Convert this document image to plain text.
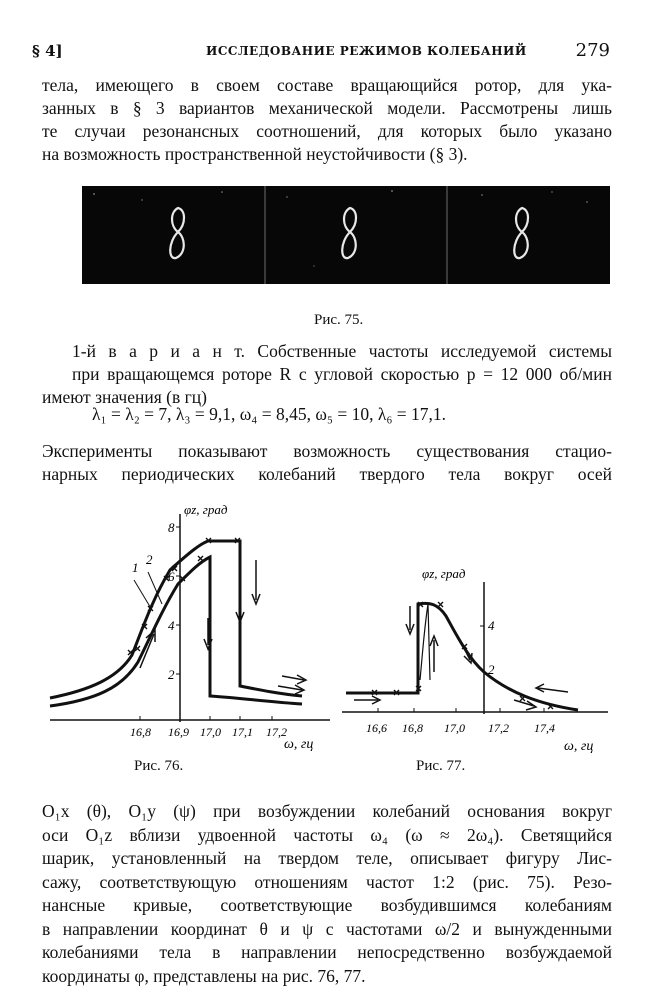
§ 4]	ИССЛЕДОВАНИЕ РЕЖИМОВ КОЛЕБАНИЙ	279
тела, имеющего в своем составе вращающийся ротор, для ука-
занных в § 3 вариантов механической модели. Рассмотрены лишь
те случаи резонансных соотношений, для которых было указано
на возможность пространственной неустойчивости (§ 3).
Рис. 75.
1-й в а р и а н т. Собственные частоты исследуемой системы
при вращающемся роторе R с угловой скоростью p = 12 000 об/мин
имеют значения (в гц)
λ₁ = λ₂ = 7, λ₃ = 9,1, ω₄ = 8,45, ω₅ = 10, λ₆ = 17,1.
Эксперименты показывают возможность существования стацио-
нарных периодических колебаний твердого тела вокруг осей
φz, град
8
6
4
2
1
2
16,8 16,9 17,0 17,1 17,2
ω, гц
Рис. 76.
φz, град
4
2
16,6 16,8 17,0 17,2 17,4
ω, гц
Рис. 77.
O₁x (θ), O₁y (ψ) при возбуждении колебаний основания вокруг
оси O₁z вблизи удвоенной частоты ω₄ (ω ≈ 2ω₄). Светящийся
шарик, установленный на твердом теле, описывает фигуру Лис-
сажу, соответствующую отношениям частот 1:2 (рис. 75). Резо-
нансные кривые, соответствующие возбудившимся колебаниям
в направлении координат θ и ψ с частотами ω/2 и вынужденными
колебаниями тела в направлении непосредственно возбуждаемой
координаты φ, представлены на рис. 76, 77.
